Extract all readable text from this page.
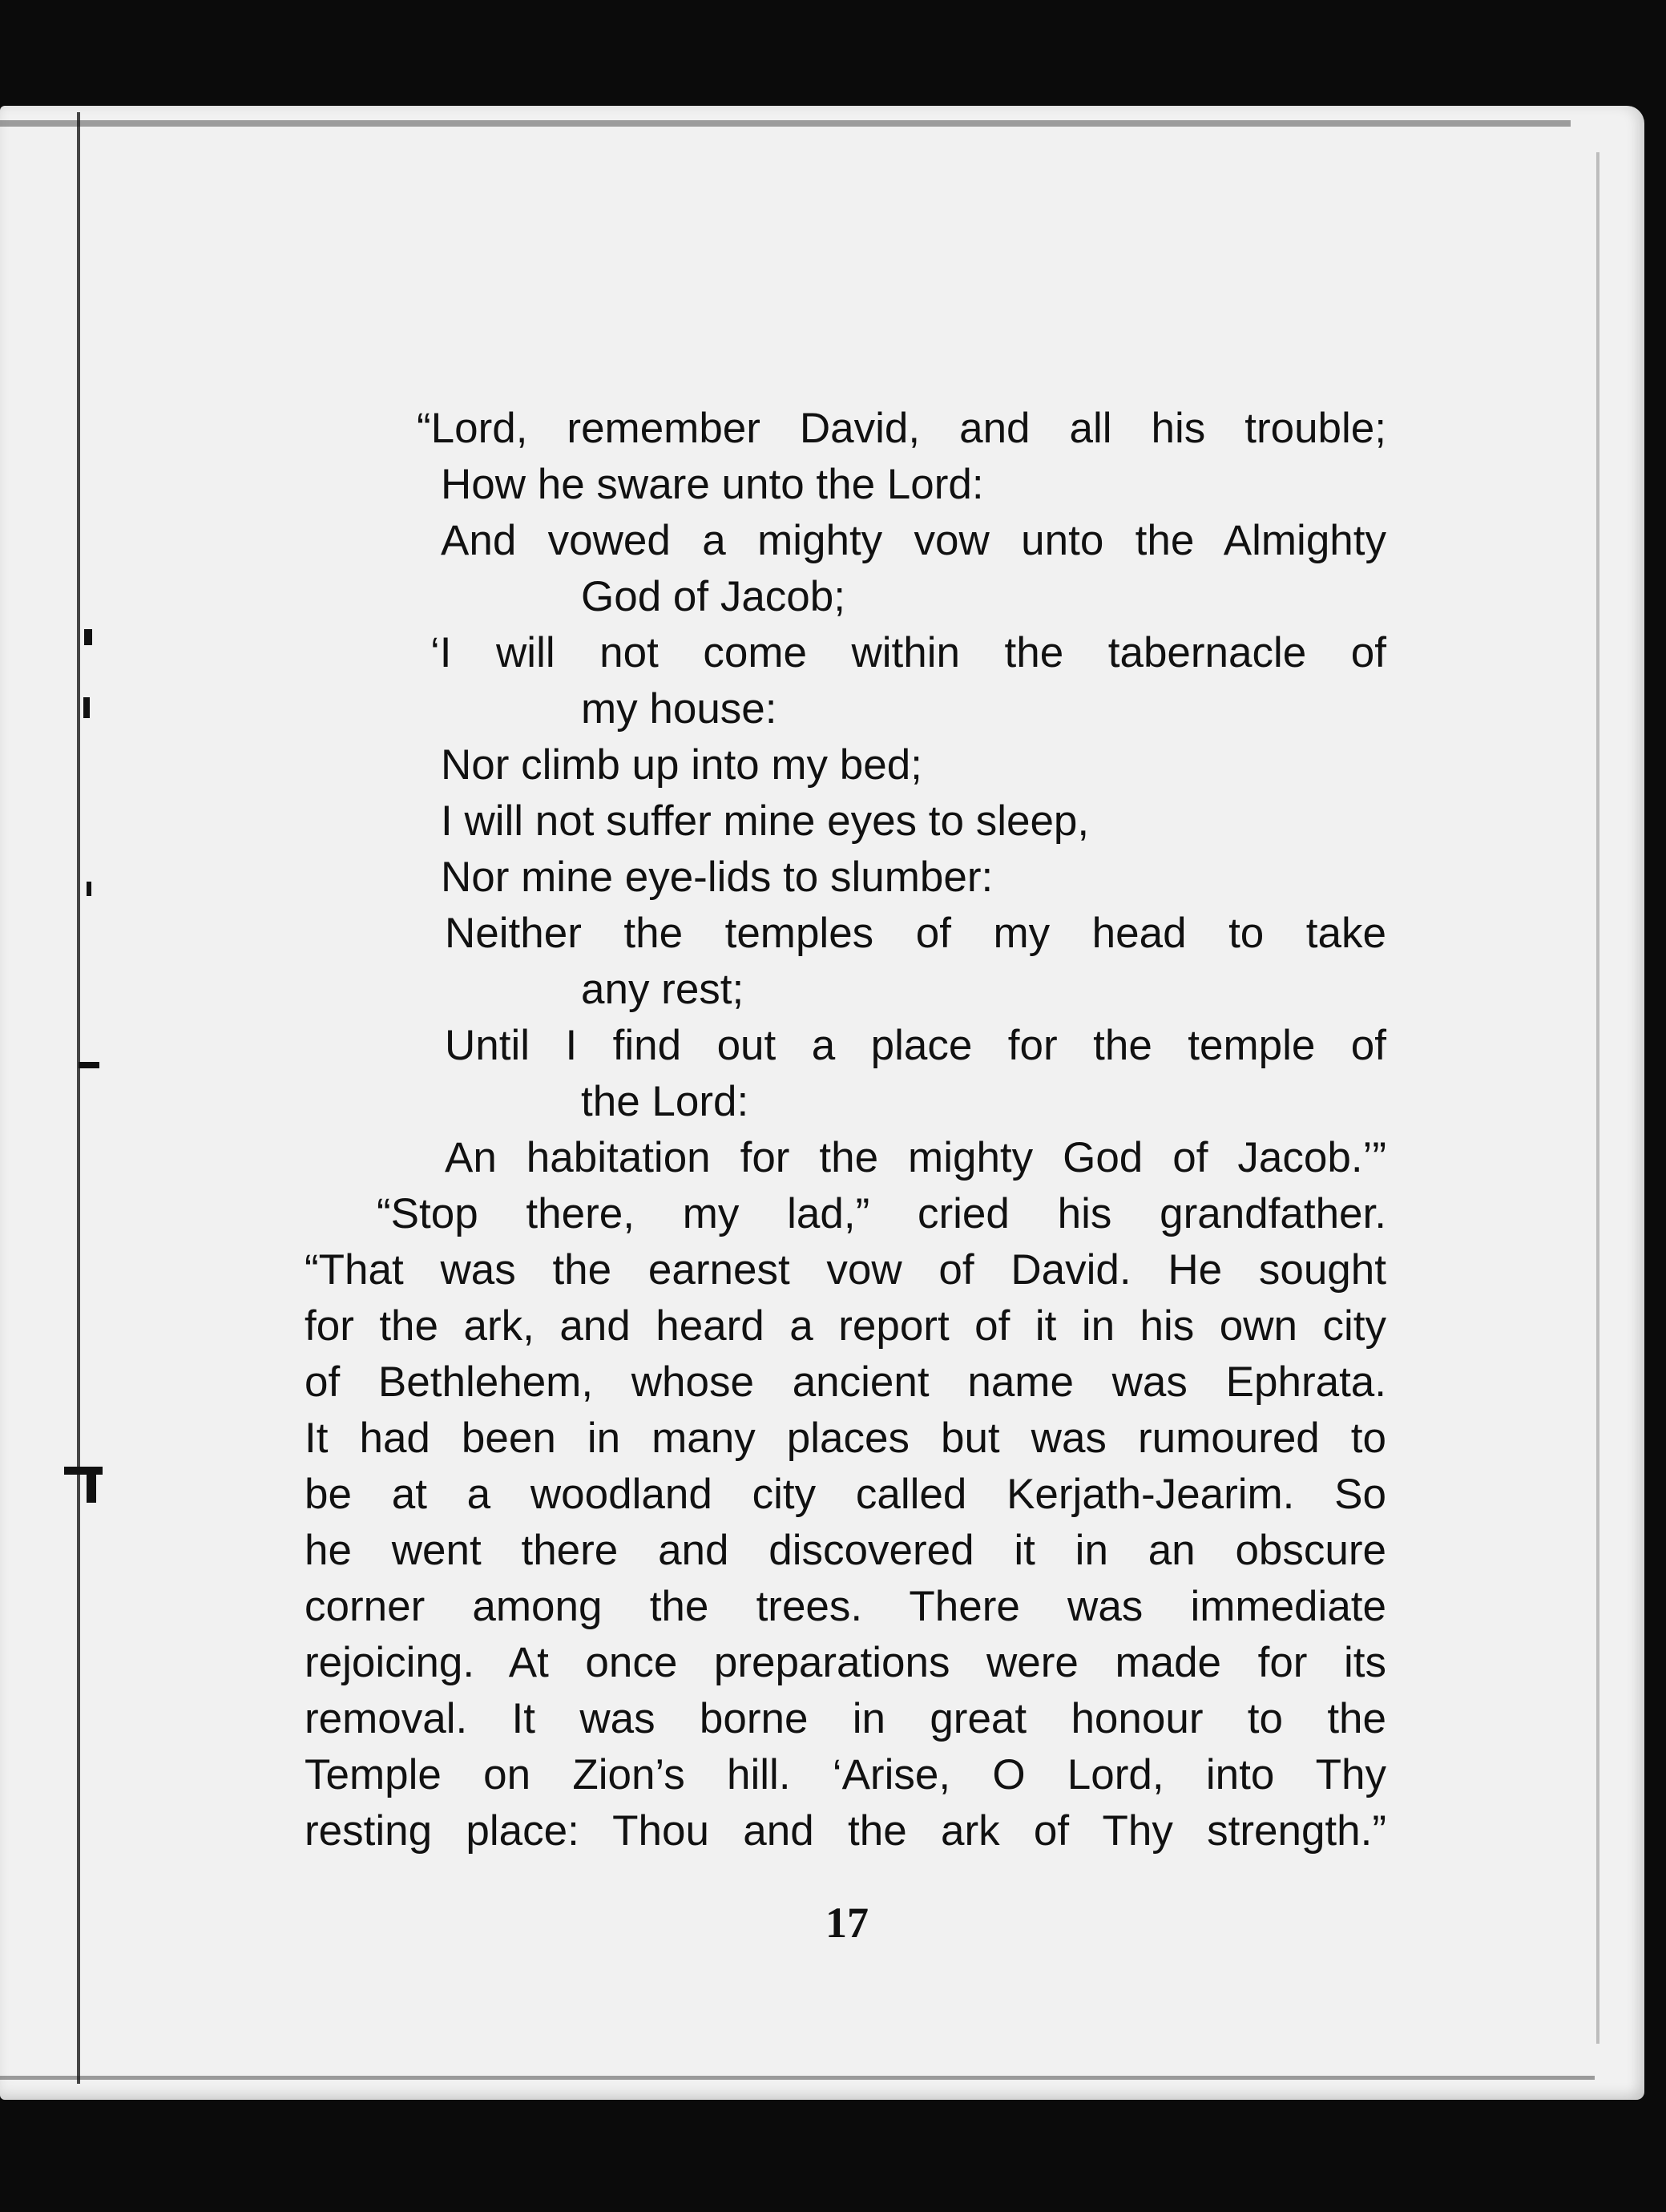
“Lord, remember David, and all his trouble;
How he sware unto the Lord:
And vowed a mighty vow unto the Almighty
God of Jacob;
‘I will not come within the tabernacle of
my house:
Nor climb up into my bed;
I will not suffer mine eyes to sleep,
Nor mine eye-lids to slumber:
Neither the temples of my head to take
any rest;
Until I find out a place for the temple of
the Lord:
An habitation for the mighty God of Jacob.’”
“Stop there, my lad,” cried his grandfather.
“That was the earnest vow of David. He sought
for the ark, and heard a report of it in his own city
of Bethlehem, whose ancient name was Ephrata.
It had been in many places but was rumoured to
be at a woodland city called Kerjath-Jearim. So
he went there and discovered it in an obscure
corner among the trees. There was immediate
rejoicing. At once preparations were made for its
removal. It was borne in great honour to the
Temple on Zion’s hill. ‘Arise, O Lord, into Thy
resting place: Thou and the ark of Thy strength.”
17
